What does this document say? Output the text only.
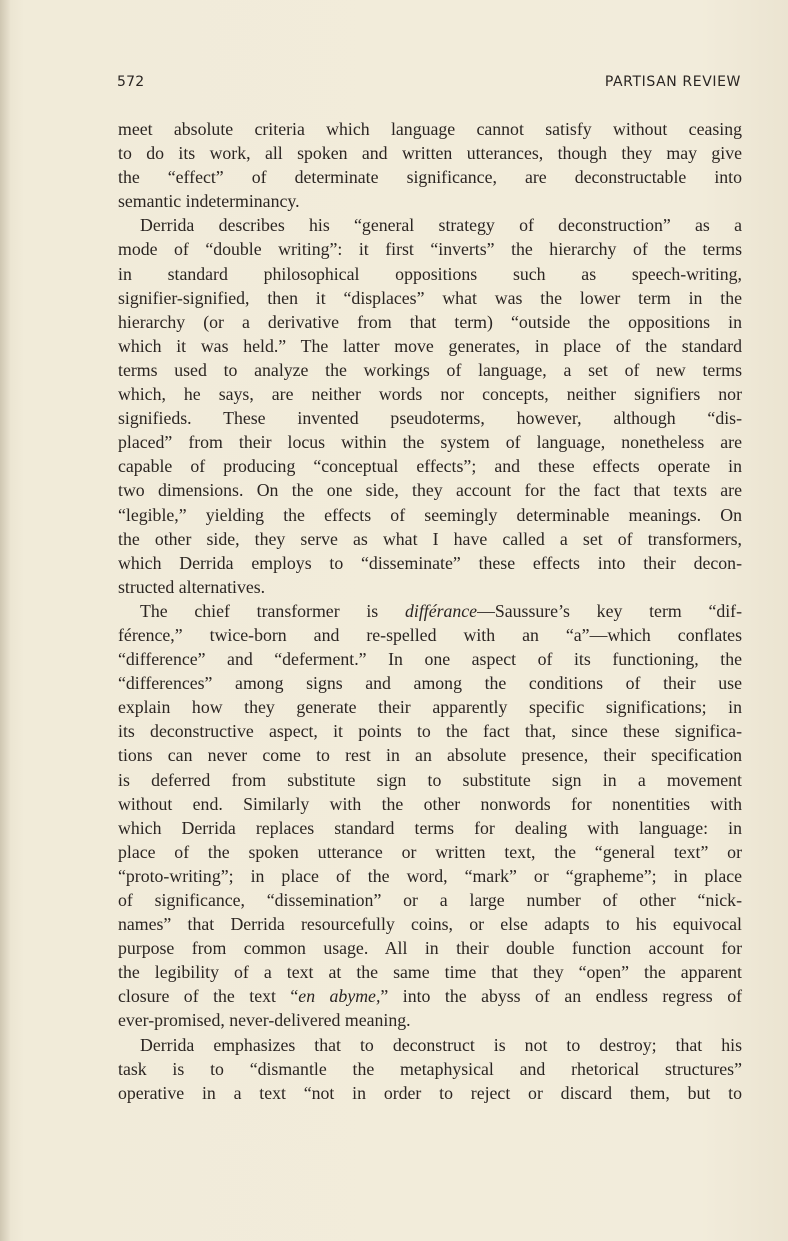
572	PARTISAN REVIEW

meet absolute criteria which language cannot satisfy without ceasing
to do its work, all spoken and written utterances, though they may give
the “effect” of determinate significance, are deconstructable into
semantic indeterminancy.

Derrida describes his “general strategy of deconstruction” as a
mode of “double writing”: it first “inverts” the hierarchy of the terms
in standard philosophical oppositions such as speech-writing,
signifier-signified, then it “displaces” what was the lower term in the
hierarchy (or a derivative from that term) “outside the oppositions in
which it was held.” The latter move generates, in place of the standard
terms used to analyze the workings of language, a set of new terms
which, he says, are neither words nor concepts, neither signifiers nor
signifieds. These invented pseudoterms, however, although “dis-
placed” from their locus within the system of language, nonetheless are
capable of producing “conceptual effects”; and these effects operate in
two dimensions. On the one side, they account for the fact that texts are
“legible,” yielding the effects of seemingly determinable meanings. On
the other side, they serve as what I have called a set of transformers,
which Derrida employs to “disseminate” these effects into their decon-
structed alternatives.

The chief transformer is différance—Saussure’s key term “dif-
férence,” twice-born and re-spelled with an “a”—which conflates
“difference” and “deferment.” In one aspect of its functioning, the
“differences” among signs and among the conditions of their use
explain how they generate their apparently specific significations; in
its deconstructive aspect, it points to the fact that, since these significa-
tions can never come to rest in an absolute presence, their specification
is deferred from substitute sign to substitute sign in a movement
without end. Similarly with the other nonwords for nonentities with
which Derrida replaces standard terms for dealing with language: in
place of the spoken utterance or written text, the “general text” or
“proto-writing”; in place of the word, “mark” or “grapheme”; in place
of significance, “dissemination” or a large number of other “nick-
names” that Derrida resourcefully coins, or else adapts to his equivocal
purpose from common usage. All in their double function account for
the legibility of a text at the same time that they “open” the apparent
closure of the text “en abyme,” into the abyss of an endless regress of
ever-promised, never-delivered meaning.

Derrida emphasizes that to deconstruct is not to destroy; that his
task is to “dismantle the metaphysical and rhetorical structures”
operative in a text “not in order to reject or discard them, but to
